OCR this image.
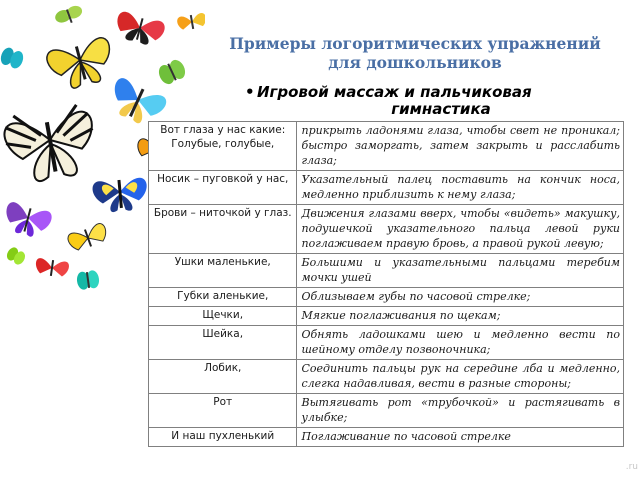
Примеры логоритмических упражнений
для дошкольников
• Игровой массаж и пальчиковая
гимнастика
Вот глаза у нас какие: Голубые, голубые,	прикрыть ладонями глаза, чтобы свет не проникал; быстро заморгать, затем закрыть и расслабить глаза;
Носик – пуговкой у нас,	Указательный палец поставить на кончик носа, медленно приблизить к нему глаза;
Брови – ниточкой у глаз.	Движения глазами вверх, чтобы «видеть» макушку, подушечкой указательного пальца левой руки поглаживаем правую бровь, а правой рукой левую;
Ушки маленькие,	Большими и указательными пальцами теребим мочки ушей
Губки аленькие,	Облизываем губы по часовой стрелке;
Щечки,	Мягкие поглаживания по щекам;
Шейка,	Обнять ладошками шею и медленно вести по шейному отделу позвоночника;
Лобик,	Соединить пальцы рук на середине лба и медленно, слегка надавливая, вести в разные стороны;
Рот	Вытягивать рот «трубочкой» и растягивать в улыбке;
И наш пухленький	Поглаживание по часовой стрелке
.ru
